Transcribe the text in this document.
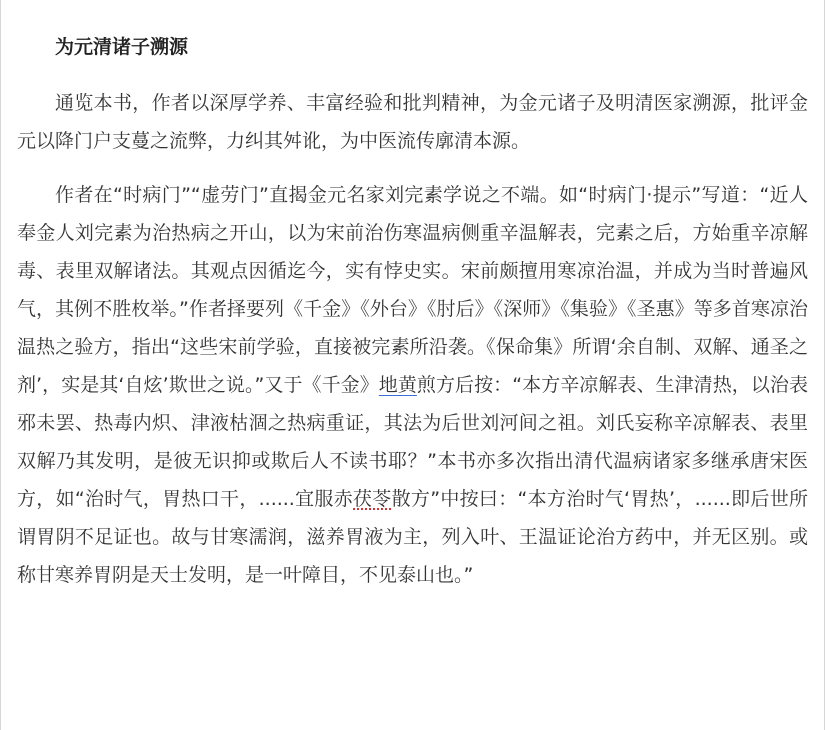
为元清诸子溯源

通览本书，作者以深厚学养、丰富经验和批判精神，为金元诸子及明清医家溯源，批评金元以降门户支蔓之流弊，力纠其舛讹，为中医流传廓清本源。

作者在“时病门”“虚劳门”直揭金元名家刘完素学说之不端。如“时病门·提示”写道：“近人奉金人刘完素为治热病之开山，以为宋前治伤寒温病侧重辛温解表，完素之后，方始重辛凉解毒、表里双解诸法。其观点因循迄今，实有悖史实。宋前颇擅用寒凉治温，并成为当时普遍风气，其例不胜枚举。”作者择要列《千金》《外台》《肘后》《深师》《集验》《圣惠》等多首寒凉治温热之验方，指出“这些宋前学验，直接被完素所沿袭。《保命集》所谓‘余自制、双解、通圣之剂’，实是其‘自炫’欺世之说。”又于《千金》地黄煎方后按：“本方辛凉解表、生津清热，以治表邪未罢、热毒内炽、津液枯涸之热病重证，其法为后世刘河间之祖。刘氏妄称辛凉解表、表里双解乃其发明，是彼无识抑或欺后人不读书耶？”本书亦多次指出清代温病诸家多继承唐宋医方，如“治时气，胃热口干，......宜服赤茯苓散方”中按曰：“本方治时气‘胃热’，......即后世所谓胃阴不足证也。故与甘寒濡润，滋养胃液为主，列入叶、王温证论治方药中，并无区别。或称甘寒养胃阴是天士发明，是一叶障目，不见泰山也。”
